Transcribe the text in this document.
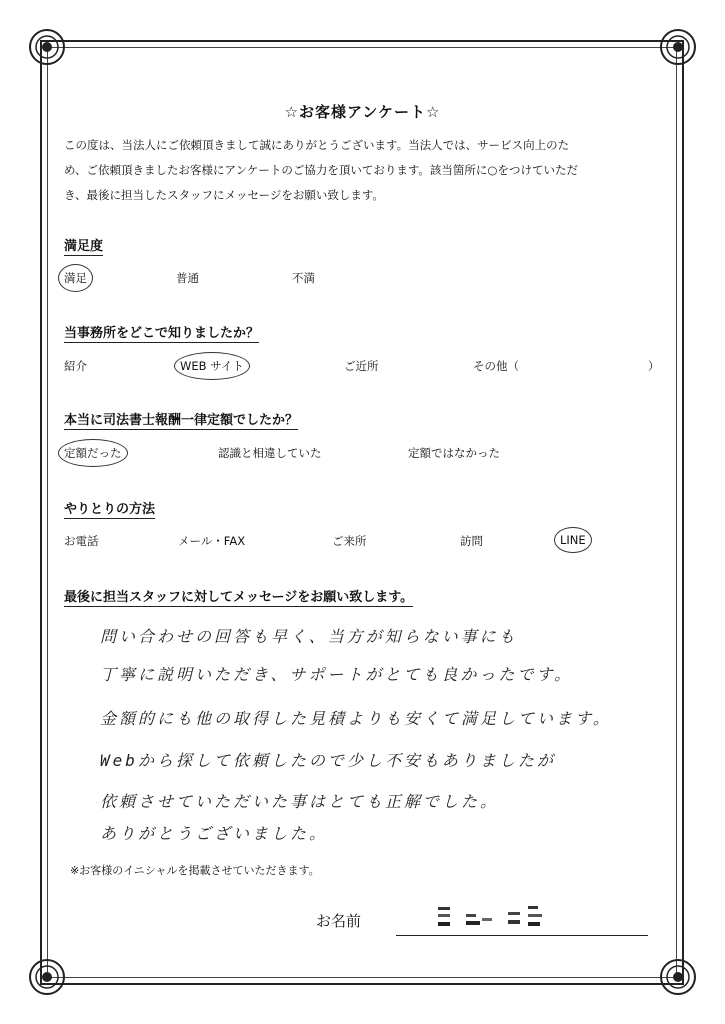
☆お客様アンケート☆

この度は、当法人にご依頼頂きまして誠にありがとうございます。当法人では、サービス向上のた

め、ご依頼頂きましたお客様にアンケートのご協力を頂いております。該当箇所に○をつけていただ

き、最後に担当したスタッフにメッセージをお願い致します。

満足度
満足	普通	不満
当事務所をどこで知りましたか？
紹介	WEB サイト	ご近所	その他（	）
本当に司法書士報酬一律定額でしたか？
定額だった	認識と相違していた	定額ではなかった
やりとりの方法
お電話	メール・FAX	ご来所	訪問	LINE
最後に担当スタッフに対してメッセージをお願い致します。
問い合わせの回答も早く、当方が知らない事にも
丁寧に説明いただき、サポートがとても良かったです。
金額的にも他の取得した見積よりも安くて満足しています。
Webから探して依頼したので少し不安もありましたが
依頼させていただいた事はとても正解でした。
ありがとうございました。
※お客様のイニシャルを掲載させていただきます。
お名前
